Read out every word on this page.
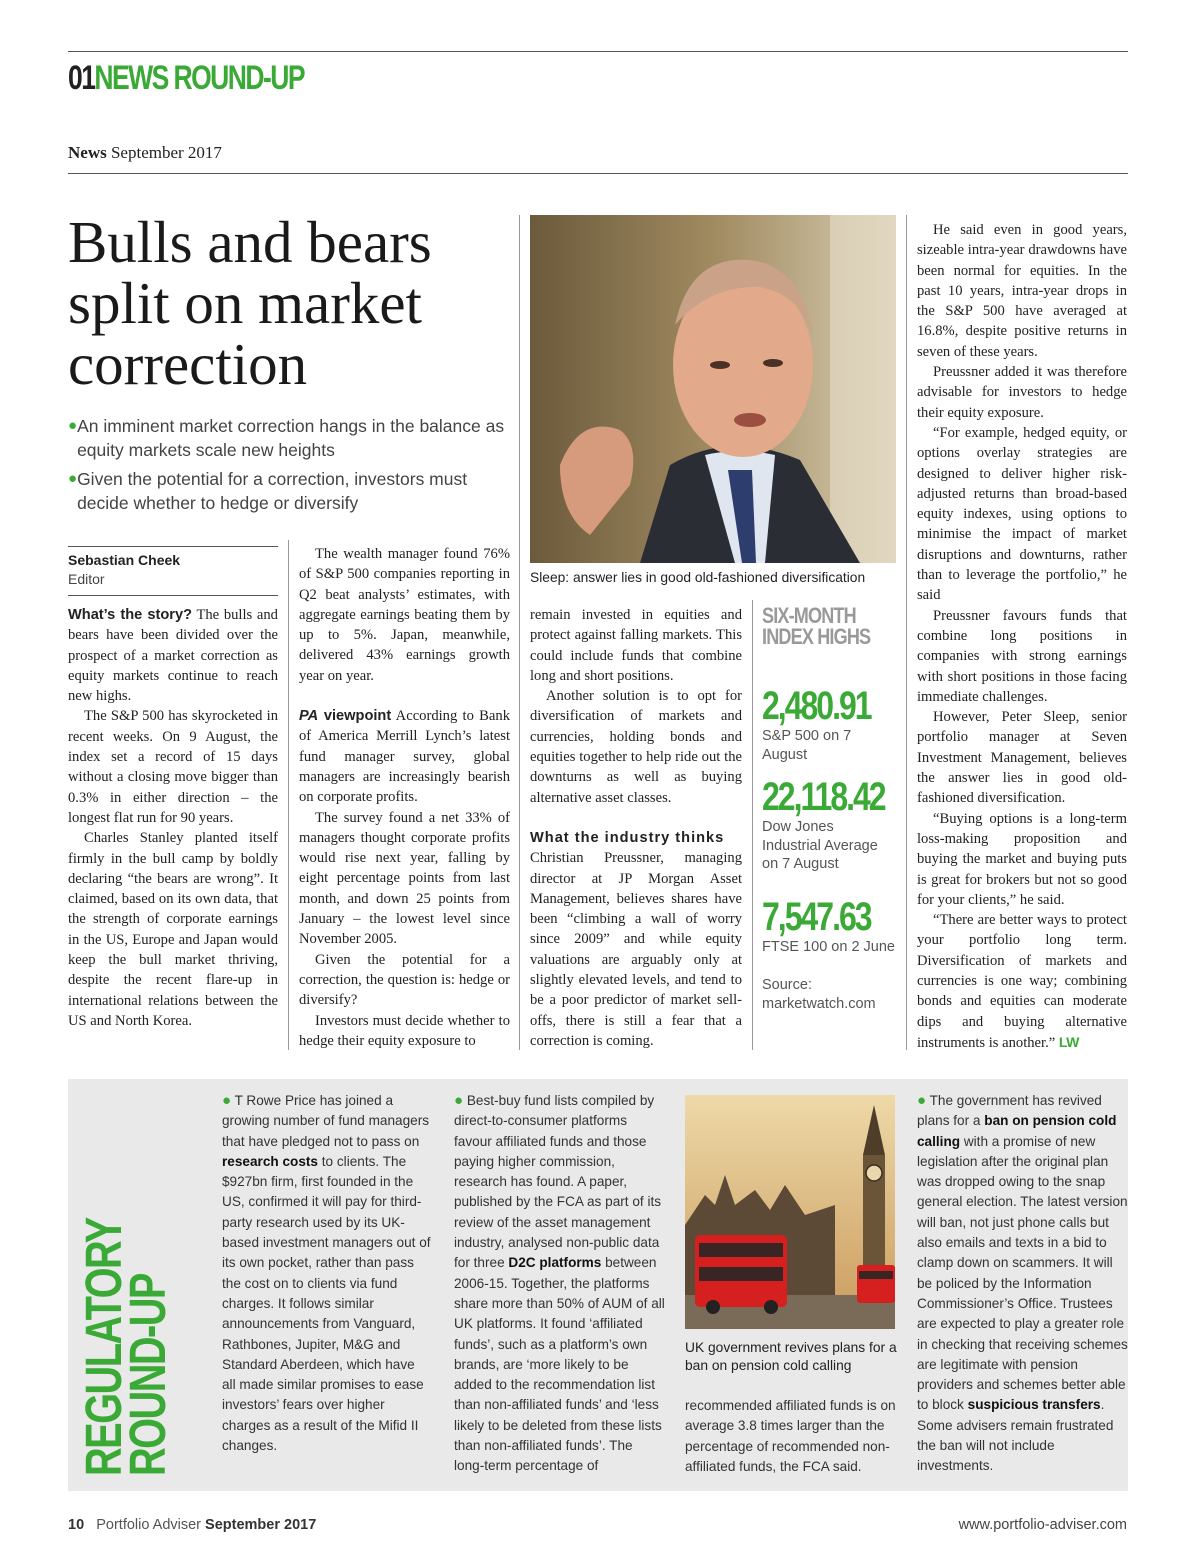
01NEWS ROUND-UP
News September 2017
Bulls and bears split on market correction
● An imminent market correction hangs in the balance as equity markets scale new heights
● Given the potential for a correction, investors must decide whether to hedge or diversify
Sebastian Cheek
Editor

What’s the story? The bulls and bears have been divided over the prospect of a market correction as equity markets continue to reach new highs.

The S&P 500 has skyrocketed in recent weeks. On 9 August, the index set a record of 15 days without a closing move bigger than 0.3% in either direction – the longest flat run for 90 years.

Charles Stanley planted itself firmly in the bull camp by boldly declaring “the bears are wrong”. It claimed, based on its own data, that the strength of corporate earnings in the US, Europe and Japan would keep the bull market thriving, despite the recent flare-up in international relations between the US and North Korea.

The wealth manager found 76% of S&P 500 companies reporting in Q2 beat analysts’ estimates, with aggregate earnings beating them by up to 5%. Japan, meanwhile, delivered 43% earnings growth year on year.

PA viewpoint According to Bank of America Merrill Lynch’s latest fund manager survey, global managers are increasingly bearish on corporate profits.

The survey found a net 33% of managers thought corporate profits would rise next year, falling by eight percentage points from last month, and down 25 points from January – the lowest level since November 2005.

Given the potential for a correction, the question is: hedge or diversify?

Investors must decide whether to hedge their equity exposure to

Sleep: answer lies in good old-fashioned diversification

remain invested in equities and protect against falling markets. This could include funds that combine long and short positions.

Another solution is to opt for diversification of markets and currencies, holding bonds and equities together to help ride out the downturns as well as buying alternative asset classes.

What the industry thinks

Christian Preussner, managing director at JP Morgan Asset Management, believes shares have been “climbing a wall of worry since 2009” and while equity valuations are arguably only at slightly elevated levels, and tend to be a poor predictor of market sell-offs, there is still a fear that a correction is coming.

SIX-MONTH INDEX HIGHS
2,480.91
S&P 500 on 7 August
22,118.42
Dow Jones Industrial Average on 7 August
7,547.63
FTSE 100 on 2 June
Source: marketwatch.com

He said even in good years, sizeable intra-year drawdowns have been normal for equities. In the past 10 years, intra-year drops in the S&P 500 have averaged at 16.8%, despite positive returns in seven of these years.

Preussner added it was therefore advisable for investors to hedge their equity exposure.

“For example, hedged equity, or options overlay strategies are designed to deliver higher risk-adjusted returns than broad-based equity indexes, using options to minimise the impact of market disruptions and downturns, rather than to leverage the portfolio,” he said

Preussner favours funds that combine long positions in companies with strong earnings with short positions in those facing immediate challenges.

However, Peter Sleep, senior portfolio manager at Seven Investment Management, believes the answer lies in good old-fashioned diversification.

“Buying options is a long-term loss-making proposition and buying the market and buying puts is great for brokers but not so good for your clients,” he said.

“There are better ways to protect your portfolio long term. Diversification of markets and currencies is one way; combining bonds and equities can moderate dips and buying alternative instruments is another.” LW

REGULATORY
ROUND-UP
● T Rowe Price has joined a growing number of fund managers that have pledged not to pass on research costs to clients. The $927bn firm, first founded in the US, confirmed it will pay for third-party research used by its UK-based investment managers out of its own pocket, rather than pass the cost on to clients via fund charges. It follows similar announcements from Vanguard, Rathbones, Jupiter, M&G and Standard Aberdeen, which have all made similar promises to ease investors’ fears over higher charges as a result of the Mifid II changes.
● Best-buy fund lists compiled by direct-to-consumer platforms favour affiliated funds and those paying higher commission, research has found. A paper, published by the FCA as part of its review of the asset management industry, analysed non-public data for three D2C platforms between 2006-15. Together, the platforms share more than 50% of AUM of all UK platforms. It found ‘affiliated funds’, such as a platform’s own brands, are ‘more likely to be added to the recommendation list than non-affiliated funds’ and ‘less likely to be deleted from these lists than non-affiliated funds’. The long-term percentage of
UK government revives plans for a ban on pension cold calling
recommended affiliated funds is on average 3.8 times larger than the percentage of recommended non-affiliated funds, the FCA said.
● The government has revived plans for a ban on pension cold calling with a promise of new legislation after the original plan was dropped owing to the snap general election. The latest version will ban, not just phone calls but also emails and texts in a bid to clamp down on scammers. It will be policed by the Information Commissioner’s Office. Trustees are expected to play a greater role in checking that receiving schemes are legitimate with pension providers and schemes better able to block suspicious transfers. Some advisers remain frustrated the ban will not include investments.
10 Portfolio Adviser September 2017	www.portfolio-adviser.com
